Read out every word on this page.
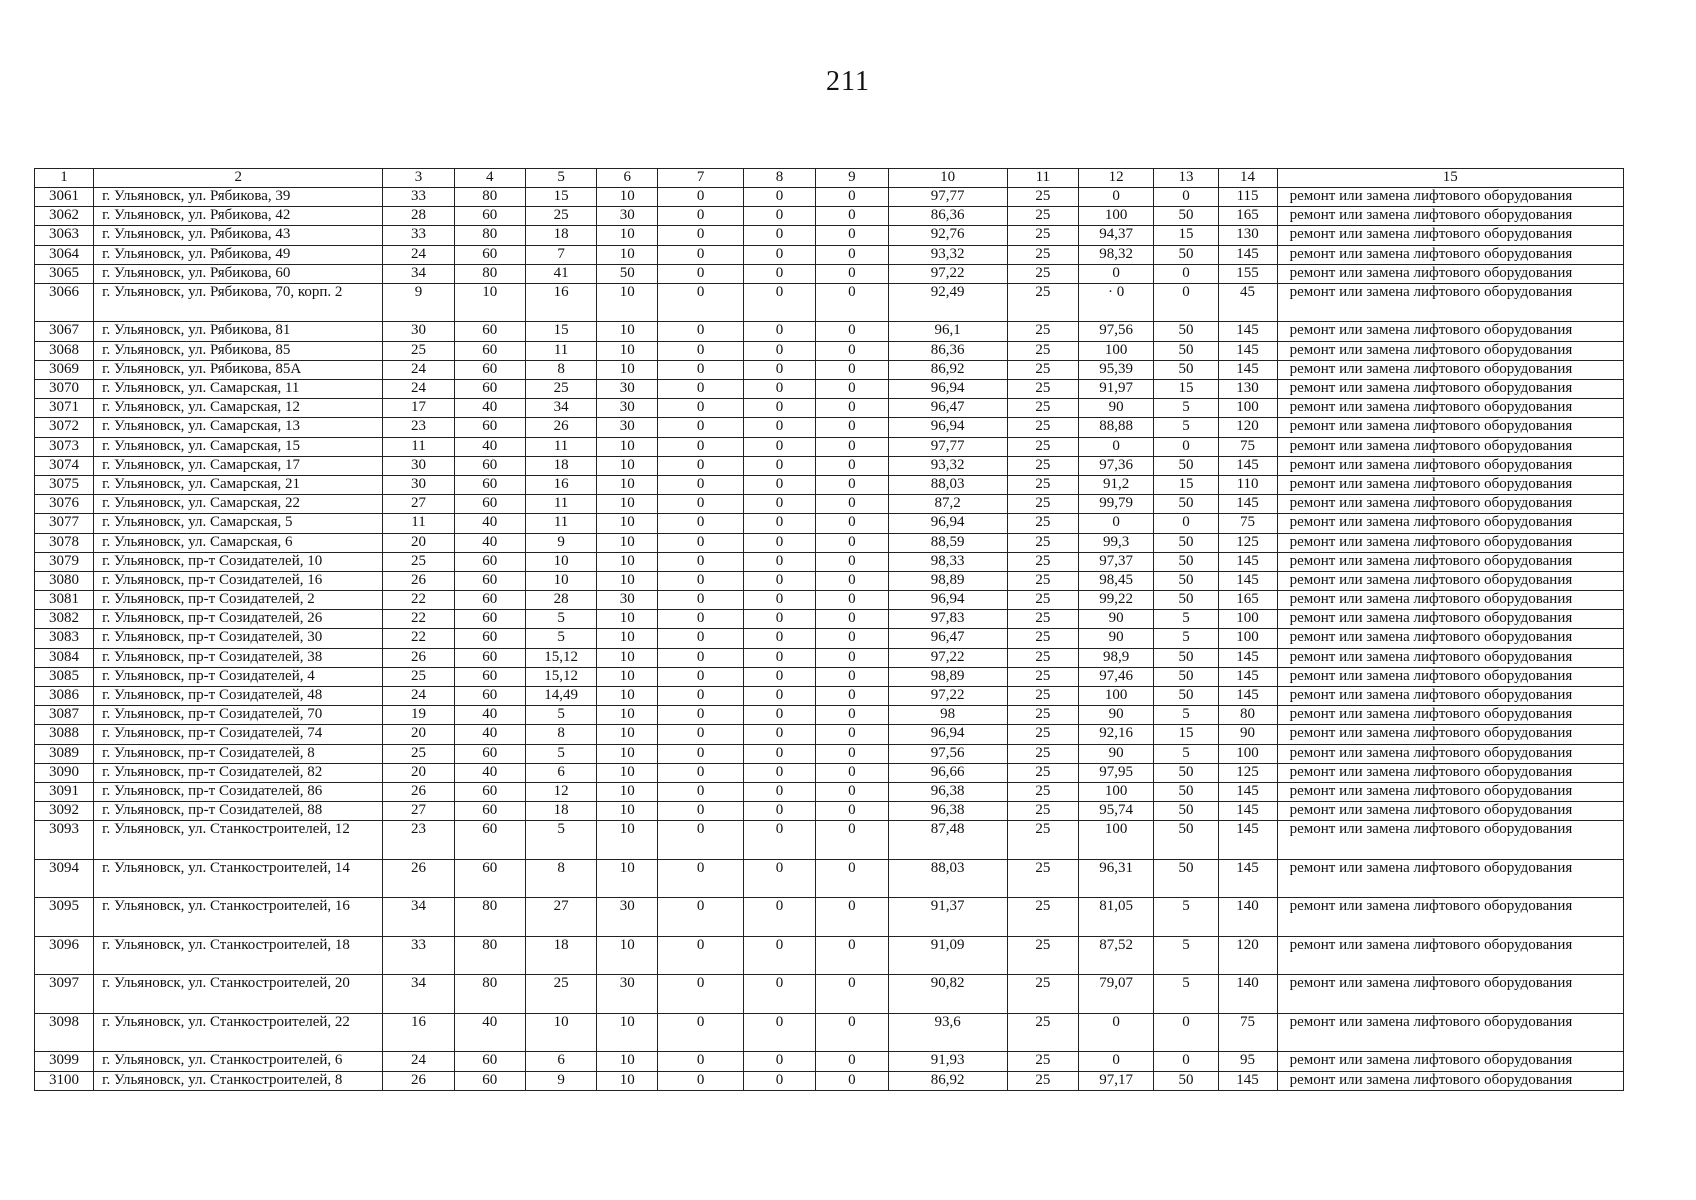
211
1	2	3	4	5	6	7	8	9	10	11	12	13	14	15
3061	г. Ульяновск, ул. Рябикова, 39	33	80	15	10	0	0	0	97,77	25	0	0	115	ремонт или замена лифтового оборудования
3062	г. Ульяновск, ул. Рябикова, 42	28	60	25	30	0	0	0	86,36	25	100	50	165	ремонт или замена лифтового оборудования
3063	г. Ульяновск, ул. Рябикова, 43	33	80	18	10	0	0	0	92,76	25	94,37	15	130	ремонт или замена лифтового оборудования
3064	г. Ульяновск, ул. Рябикова, 49	24	60	7	10	0	0	0	93,32	25	98,32	50	145	ремонт или замена лифтового оборудования
3065	г. Ульяновск, ул. Рябикова, 60	34	80	41	50	0	0	0	97,22	25	0	0	155	ремонт или замена лифтового оборудования
3066	г. Ульяновск, ул. Рябикова, 70, корп. 2	9	10	16	10	0	0	0	92,49	25	· 0	0	45	ремонт или замена лифтового оборудования
3067	г. Ульяновск, ул. Рябикова, 81	30	60	15	10	0	0	0	96,1	25	97,56	50	145	ремонт или замена лифтового оборудования
3068	г. Ульяновск, ул. Рябикова, 85	25	60	11	10	0	0	0	86,36	25	100	50	145	ремонт или замена лифтового оборудования
3069	г. Ульяновск, ул. Рябикова, 85А	24	60	8	10	0	0	0	86,92	25	95,39	50	145	ремонт или замена лифтового оборудования
3070	г. Ульяновск, ул. Самарская, 11	24	60	25	30	0	0	0	96,94	25	91,97	15	130	ремонт или замена лифтового оборудования
3071	г. Ульяновск, ул. Самарская, 12	17	40	34	30	0	0	0	96,47	25	90	5	100	ремонт или замена лифтового оборудования
3072	г. Ульяновск, ул. Самарская, 13	23	60	26	30	0	0	0	96,94	25	88,88	5	120	ремонт или замена лифтового оборудования
3073	г. Ульяновск, ул. Самарская, 15	11	40	11	10	0	0	0	97,77	25	0	0	75	ремонт или замена лифтового оборудования
3074	г. Ульяновск, ул. Самарская, 17	30	60	18	10	0	0	0	93,32	25	97,36	50	145	ремонт или замена лифтового оборудования
3075	г. Ульяновск, ул. Самарская, 21	30	60	16	10	0	0	0	88,03	25	91,2	15	110	ремонт или замена лифтового оборудования
3076	г. Ульяновск, ул. Самарская, 22	27	60	11	10	0	0	0	87,2	25	99,79	50	145	ремонт или замена лифтового оборудования
3077	г. Ульяновск, ул. Самарская, 5	11	40	11	10	0	0	0	96,94	25	0	0	75	ремонт или замена лифтового оборудования
3078	г. Ульяновск, ул. Самарская, 6	20	40	9	10	0	0	0	88,59	25	99,3	50	125	ремонт или замена лифтового оборудования
3079	г. Ульяновск, пр-т Созидателей, 10	25	60	10	10	0	0	0	98,33	25	97,37	50	145	ремонт или замена лифтового оборудования
3080	г. Ульяновск, пр-т Созидателей, 16	26	60	10	10	0	0	0	98,89	25	98,45	50	145	ремонт или замена лифтового оборудования
3081	г. Ульяновск, пр-т Созидателей, 2	22	60	28	30	0	0	0	96,94	25	99,22	50	165	ремонт или замена лифтового оборудования
3082	г. Ульяновск, пр-т Созидателей, 26	22	60	5	10	0	0	0	97,83	25	90	5	100	ремонт или замена лифтового оборудования
3083	г. Ульяновск, пр-т Созидателей, 30	22	60	5	10	0	0	0	96,47	25	90	5	100	ремонт или замена лифтового оборудования
3084	г. Ульяновск, пр-т Созидателей, 38	26	60	15,12	10	0	0	0	97,22	25	98,9	50	145	ремонт или замена лифтового оборудования
3085	г. Ульяновск, пр-т Созидателей, 4	25	60	15,12	10	0	0	0	98,89	25	97,46	50	145	ремонт или замена лифтового оборудования
3086	г. Ульяновск, пр-т Созидателей, 48	24	60	14,49	10	0	0	0	97,22	25	100	50	145	ремонт или замена лифтового оборудования
3087	г. Ульяновск, пр-т Созидателей, 70	19	40	5	10	0	0	0	98	25	90	5	80	ремонт или замена лифтового оборудования
3088	г. Ульяновск, пр-т Созидателей, 74	20	40	8	10	0	0	0	96,94	25	92,16	15	90	ремонт или замена лифтового оборудования
3089	г. Ульяновск, пр-т Созидателей, 8	25	60	5	10	0	0	0	97,56	25	90	5	100	ремонт или замена лифтового оборудования
3090	г. Ульяновск, пр-т Созидателей, 82	20	40	6	10	0	0	0	96,66	25	97,95	50	125	ремонт или замена лифтового оборудования
3091	г. Ульяновск, пр-т Созидателей, 86	26	60	12	10	0	0	0	96,38	25	100	50	145	ремонт или замена лифтового оборудования
3092	г. Ульяновск, пр-т Созидателей, 88	27	60	18	10	0	0	0	96,38	25	95,74	50	145	ремонт или замена лифтового оборудования
3093	г. Ульяновск, ул. Станкостроителей, 12	23	60	5	10	0	0	0	87,48	25	100	50	145	ремонт или замена лифтового оборудования
3094	г. Ульяновск, ул. Станкостроителей, 14	26	60	8	10	0	0	0	88,03	25	96,31	50	145	ремонт или замена лифтового оборудования
3095	г. Ульяновск, ул. Станкостроителей, 16	34	80	27	30	0	0	0	91,37	25	81,05	5	140	ремонт или замена лифтового оборудования
3096	г. Ульяновск, ул. Станкостроителей, 18	33	80	18	10	0	0	0	91,09	25	87,52	5	120	ремонт или замена лифтового оборудования
3097	г. Ульяновск, ул. Станкостроителей, 20	34	80	25	30	0	0	0	90,82	25	79,07	5	140	ремонт или замена лифтового оборудования
3098	г. Ульяновск, ул. Станкостроителей, 22	16	40	10	10	0	0	0	93,6	25	0	0	75	ремонт или замена лифтового оборудования
3099	г. Ульяновск, ул. Станкостроителей, 6	24	60	6	10	0	0	0	91,93	25	0	0	95	ремонт или замена лифтового оборудования
3100	г. Ульяновск, ул. Станкостроителей, 8	26	60	9	10	0	0	0	86,92	25	97,17	50	145	ремонт или замена лифтового оборудования
